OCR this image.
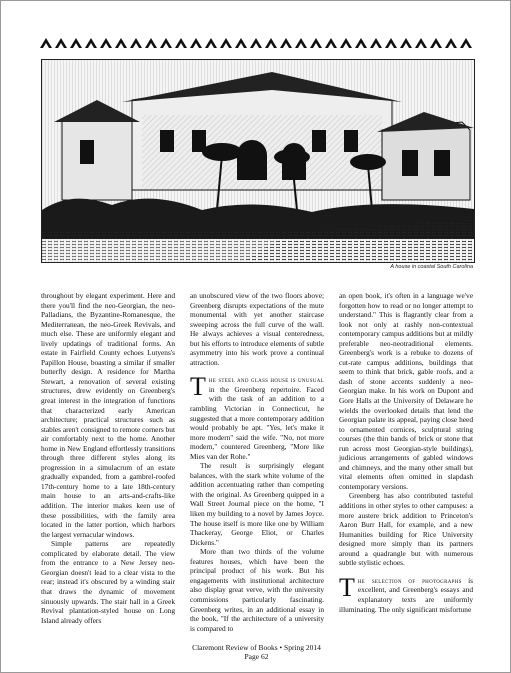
A house in coastal South Carolina

throughout by elegant experiment. Here and there you'll find the neo-Georgian, the neo-Palladians, the Byzantine-Romanesque, the Mediterranean, the neo-Greek Revivals, and much else. These are uniformly elegant and lively updatings of traditional forms. An estate in Fairfield County echoes Lutyens's Papillon House, boasting a similar if smaller butterfly design. A residence for Martha Stewart, a renovation of several existing structures, drew evidently on Greenberg's great interest in the integration of functions that characterized early American architecture; practical structures such as stables aren't consigned to remote corners but air comfortably next to the home. Another home in New England effortlessly transitions through three different styles along its progression in a simulacrum of an estate gradually expanded, from a gambrel-roofed 17th-century home to a late 18th-century main house to an arts-and-crafts-like addition. The interior makes keen use of these possibilities, with the family area located in the latter portion, which harbors the largest vernacular windows.

Simple patterns are repeatedly complicated by elaborate detail. The view from the entrance to a New Jersey neo-Georgian doesn't lead to a clear vista to the rear; instead it's obscured by a winding stair that draws the dynamic of movement sinuously upwards. The stair hall in a Greek Revival plantation-styled house on Long Island already offers

an unobscured view of the two floors above; Greenberg disrupts expectations of the mute monumental with yet another staircase sweeping across the full curve of the wall. He always achieves a visual centeredness, but his efforts to introduce elements of subtle asymmetry into his work prove a continual attraction.

The steel and glass house is unusual in the Greenberg repertoire. Faced with the task of an addition to a rambling Victorian in Connecticut, he suggested that a more contemporary addition would probably be apt. "Yes, let's make it more modern" said the wife. "No, not more modern," countered Greenberg, "More like Mies van der Rohe."

The result is surprisingly elegant balances, with the stark white volume of the addition accentuating rather than competing with the original. As Greenberg quipped in a Wall Street Journal piece on the home, "I liken my building to a novel by James Joyce. The house itself is more like one by William Thackeray, George Eliot, or Charles Dickens."

More than two thirds of the volume features houses, which have been the principal product of his work. But his engagements with institutional architecture also display great verve, with the university commissions particularly fascinating. Greenberg writes, in an additional essay in the book, "If the architecture of a university is compared to

an open book, it's often in a language we've forgotten how to read or no longer attempt to understand." This is flagrantly clear from a look not only at rashly non-contextual contemporary campus additions but at mildly preferable neo-neotraditional elements. Greenberg's work is a rebuke to dozens of cut-rate campus additions, buildings that seem to think that brick, gable roofs, and a dash of stone accents suddenly a neo-Georgian make. In his work on Dupont and Gore Halls at the University of Delaware he wields the overlooked details that lend the Georgian palate its appeal, paying close heed to ornamented cornices, sculptural string courses (the thin bands of brick or stone that run across most Georgian-style buildings), judicious arrangements of gabled windows and chimneys, and the many other small but vital elements often omitted in slapdash contemporary versions.

Greenberg has also contributed tasteful additions in other styles to other campuses: a more austere brick addition to Princeton's Aaron Burr Hall, for example, and a new Humanities building for Rice University designed more simply than its partners around a quadrangle but with numerous subtle stylistic echoes.

The selection of photographs is excellent, and Greenberg's essays and explanatory texts are uniformly illuminating. The only significant misfortune

Claremont Review of Books • Spring 2014
Page 62
